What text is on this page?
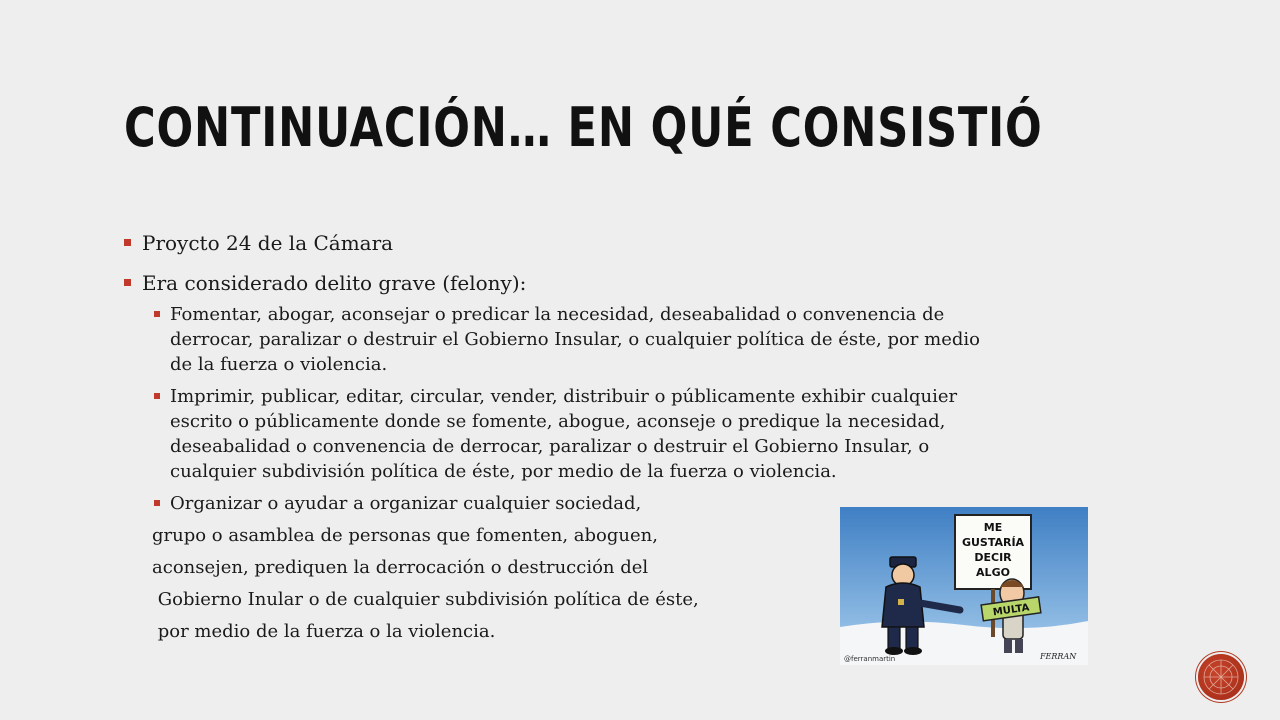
CONTINUACIÓN… EN QUÉ CONSISTIÓ
Proycto 24 de la Cámara
Era considerado delito grave (felony):
Fomentar, abogar, aconsejar o predicar la necesidad, deseabalidad o convenencia de
derrocar, paralizar o destruir el Gobierno Insular, o cualquier política de éste, por medio
de la fuerza o violencia.
Imprimir, publicar, editar, circular, vender, distribuir o públicamente exhibir cualquier
escrito o públicamente donde se fomente, abogue, aconseje o predique la necesidad,
deseabalidad o convenencia de derrocar, paralizar o destruir el Gobierno Insular, o
cualquier subdivisión política de éste, por medio de la fuerza o violencia.
Organizar o ayudar a organizar cualquier sociedad,
grupo o asamblea de personas que fomenten, aboguen,
aconsejen, prediquen la derrocación o destrucción del
Gobierno Inular o de cualquier subdivisión política de éste,
por medio de la fuerza o la violencia.
ME
GUSTARÍA
DECIR
ALGO
MULTA
@ferranmartin	FERRAN
